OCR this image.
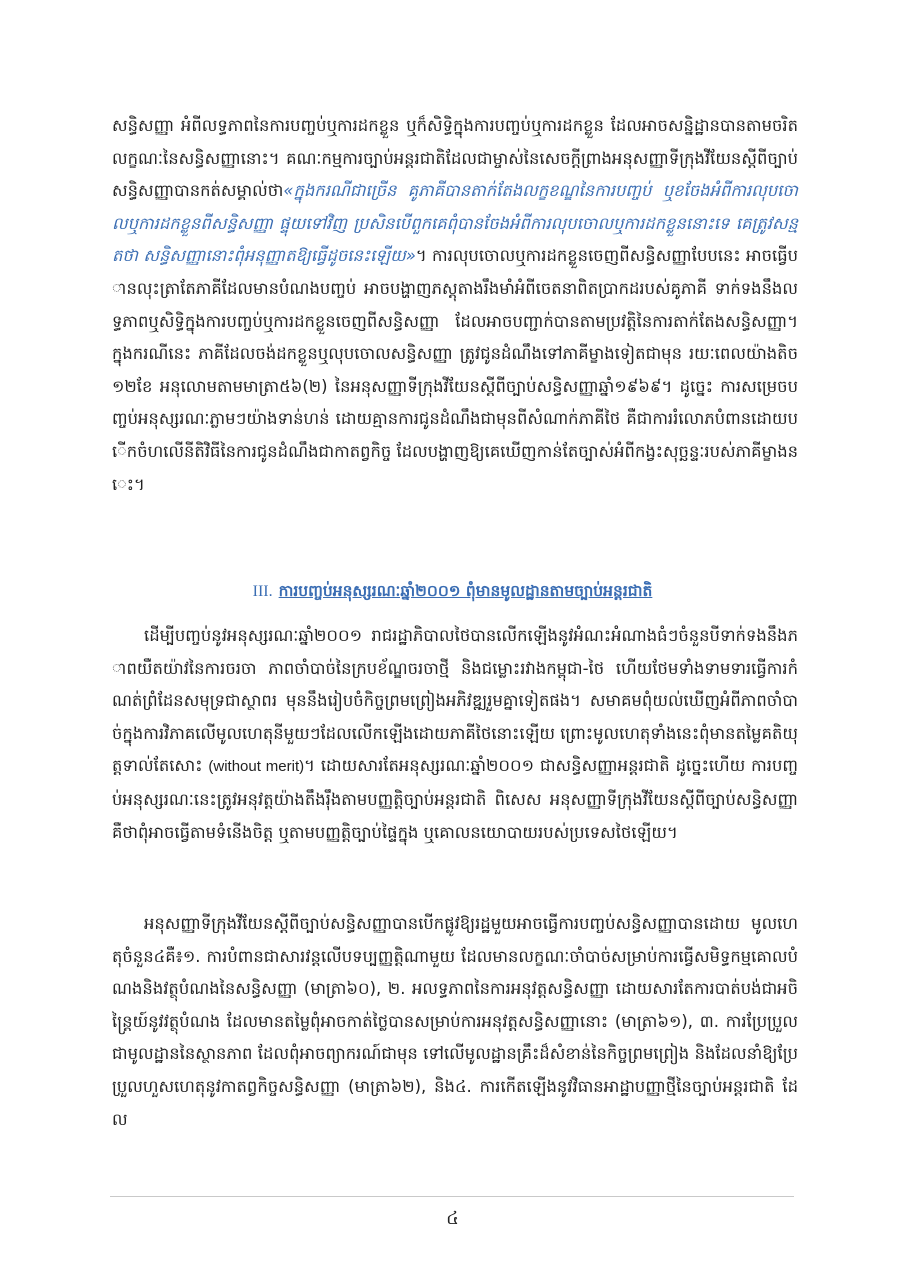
សន្ធិសញ្ញា អំពីលទ្ធភាពនៃការបញ្ចប់ឬការដកខ្លួន ឬក៏សិទ្ធិក្នុងការបញ្ចប់ឬការដកខ្លួន ដែលអាចសន្និដ្ឋានបានតាមចរិតលក្ខណៈនៃសន្ធិសញ្ញានោះ។ គណៈកម្មការច្បាប់អន្តរជាតិដែលជាម្ចាស់នៃសេចក្តីព្រាងអនុសញ្ញាទីក្រុងវីយែនស្តីពីច្បាប់សន្ធិសញ្ញាបានកត់សម្គាល់ថា«ក្នុងករណីជាច្រើន គូភាគីបានតាក់តែងលក្ខខណ្ឌនៃការបញ្ចប់ ឬខចែងអំពីការលុបចោលឬការដកខ្លួនពីសន្ធិសញ្ញា ផ្ទុយទៅវិញ ប្រសិនបើពួកគេពុំបានចែងអំពីការលុបចោលឬការដកខ្លួននោះទេ គេត្រូវសន្មតថា សន្ធិសញ្ញានោះពុំអនុញ្ញាតឱ្យធ្វើដូចនេះឡើយ»។ ការលុបចោលឬការដកខ្លួនចេញពីសន្ធិសញ្ញាបែបនេះ អាចធ្វើបានលុះត្រាតែភាគីដែលមានបំណងបញ្ចប់ អាចបង្ហាញភស្តុតាងរឹងមាំអំពីចេតនាពិតប្រាកដរបស់គូភាគី ទាក់ទងនឹងលទ្ធភាពឬសិទ្ធិក្នុងការបញ្ចប់ឬការដកខ្លួនចេញពីសន្ធិសញ្ញា ដែលអាចបញ្ជាក់បានតាមប្រវត្តិនៃការតាក់តែងសន្ធិសញ្ញា។ ក្នុងករណីនេះ ភាគីដែលចង់ដកខ្លួនឬលុបចោលសន្ធិសញ្ញា ត្រូវជូនដំណឹងទៅភាគីម្ខាងទៀតជាមុន រយៈពេលយ៉ាងតិច១២ខែ អនុលោមតាមមាត្រា៥៦(២) នៃអនុសញ្ញាទីក្រុងវីយែនស្តីពីច្បាប់សន្ធិសញ្ញាឆ្នាំ១៩៦៩។ ដូច្នេះ ការសម្រេចបញ្ចប់អនុស្សរណៈភ្លាមៗយ៉ាងទាន់ហន់ ដោយគ្មានការជូនដំណឹងជាមុនពីសំណាក់ភាគីថៃ គឺជាការរំលោភបំពានដោយបើកចំហលើនីតិវិធីនៃការជូនដំណឹងជាកាតព្វកិច្ច ដែលបង្ហាញឱ្យគេឃើញកាន់តែច្បាស់អំពីកង្វះសុច្ឆន្ទៈរបស់ភាគីម្ខាងនេះ។

III. ការបញ្ចប់អនុស្សរណៈឆ្នាំ២០០១ ពុំមានមូលដ្ឋានតាមច្បាប់អន្តរជាតិ

ដើម្បីបញ្ចប់នូវអនុស្សរណៈឆ្នាំ២០០១ រាជរដ្ឋាភិបាលថៃបានលើកឡើងនូវអំណះអំណាងធំៗចំនួនបីទាក់ទងនឹងភាពយឺតយ៉ាវនៃការចរចា ភាពចាំបាច់នៃក្របខ័ណ្ឌចរចាថ្មី និងជម្លោះរវាងកម្ពុជា-ថៃ ហើយថែមទាំងទាមទារធ្វើការកំណត់ព្រំដែនសមុទ្រជាស្ថាពរ មុននឹងរៀបចំកិច្ចព្រមព្រៀងអភិវឌ្ឍរួមគ្នាទៀតផង។ សមាគមពុំយល់ឃើញអំពីភាពចាំបាច់ក្នុងការវិភាគលើមូលហេតុនីមួយៗដែលលើកឡើងដោយភាគីថៃនោះឡើយ ព្រោះមូលហេតុទាំងនេះពុំមានតម្លៃគតិយុត្តទាល់តែសោះ (without merit)។ ដោយសារតែអនុស្សរណៈឆ្នាំ២០០១ ជាសន្ធិសញ្ញាអន្តរជាតិ ដូច្នេះហើយ ការបញ្ចប់អនុស្សរណៈនេះត្រូវអនុវត្តយ៉ាងតឹងរ៉ឹងតាមបញ្ញត្តិច្បាប់អន្តរជាតិ ពិសេស អនុសញ្ញាទីក្រុងវីយែនស្តីពីច្បាប់សន្ធិសញ្ញា គឺថាពុំអាចធ្វើតាមទំនើងចិត្ត ឬតាមបញ្ញត្តិច្បាប់ផ្ទៃក្នុង ឬគោលនយោបាយរបស់ប្រទេសថៃឡើយ។

អនុសញ្ញាទីក្រុងវីយែនស្តីពីច្បាប់សន្ធិសញ្ញាបានបើកផ្លូវឱ្យរដ្ឋមួយអាចធ្វើការបញ្ចប់សន្ធិសញ្ញាបានដោយ មូលហេតុចំនួន៤គឺ៖១. ការបំពានជាសារវន្តលើបទប្បញ្ញត្តិណាមួយ ដែលមានលក្ខណៈចាំបាច់សម្រាប់ការធ្វើសមិទ្ធកម្មគោលបំណងនិងវត្ថុបំណងនៃសន្ធិសញ្ញា (មាត្រា៦០), ២. អលទ្ធភាពនៃការអនុវត្តសន្ធិសញ្ញា ដោយសារតែការបាត់បង់ជាអចិន្ត្រៃយ៍នូវវត្ថុបំណង ដែលមានតម្លៃពុំអាចកាត់ថ្លៃបានសម្រាប់ការអនុវត្តសន្ធិសញ្ញានោះ (មាត្រា៦១), ៣. ការប្រែប្រួលជាមូលដ្ឋាននៃស្ថានភាព ដែលពុំអាចព្យាករណ៍ជាមុន ទៅលើមូលដ្ឋានគ្រឹះដ៏សំខាន់នៃកិច្ចព្រមព្រៀង និងដែលនាំឱ្យប្រែប្រួលហួសហេតុនូវកាតព្វកិច្ចសន្ធិសញ្ញា (មាត្រា៦២), និង៤. ការកើតឡើងនូវវិធានអាដ្ឋាបញ្ញាថ្មីនៃច្បាប់អន្តរជាតិ ដែល

៤
